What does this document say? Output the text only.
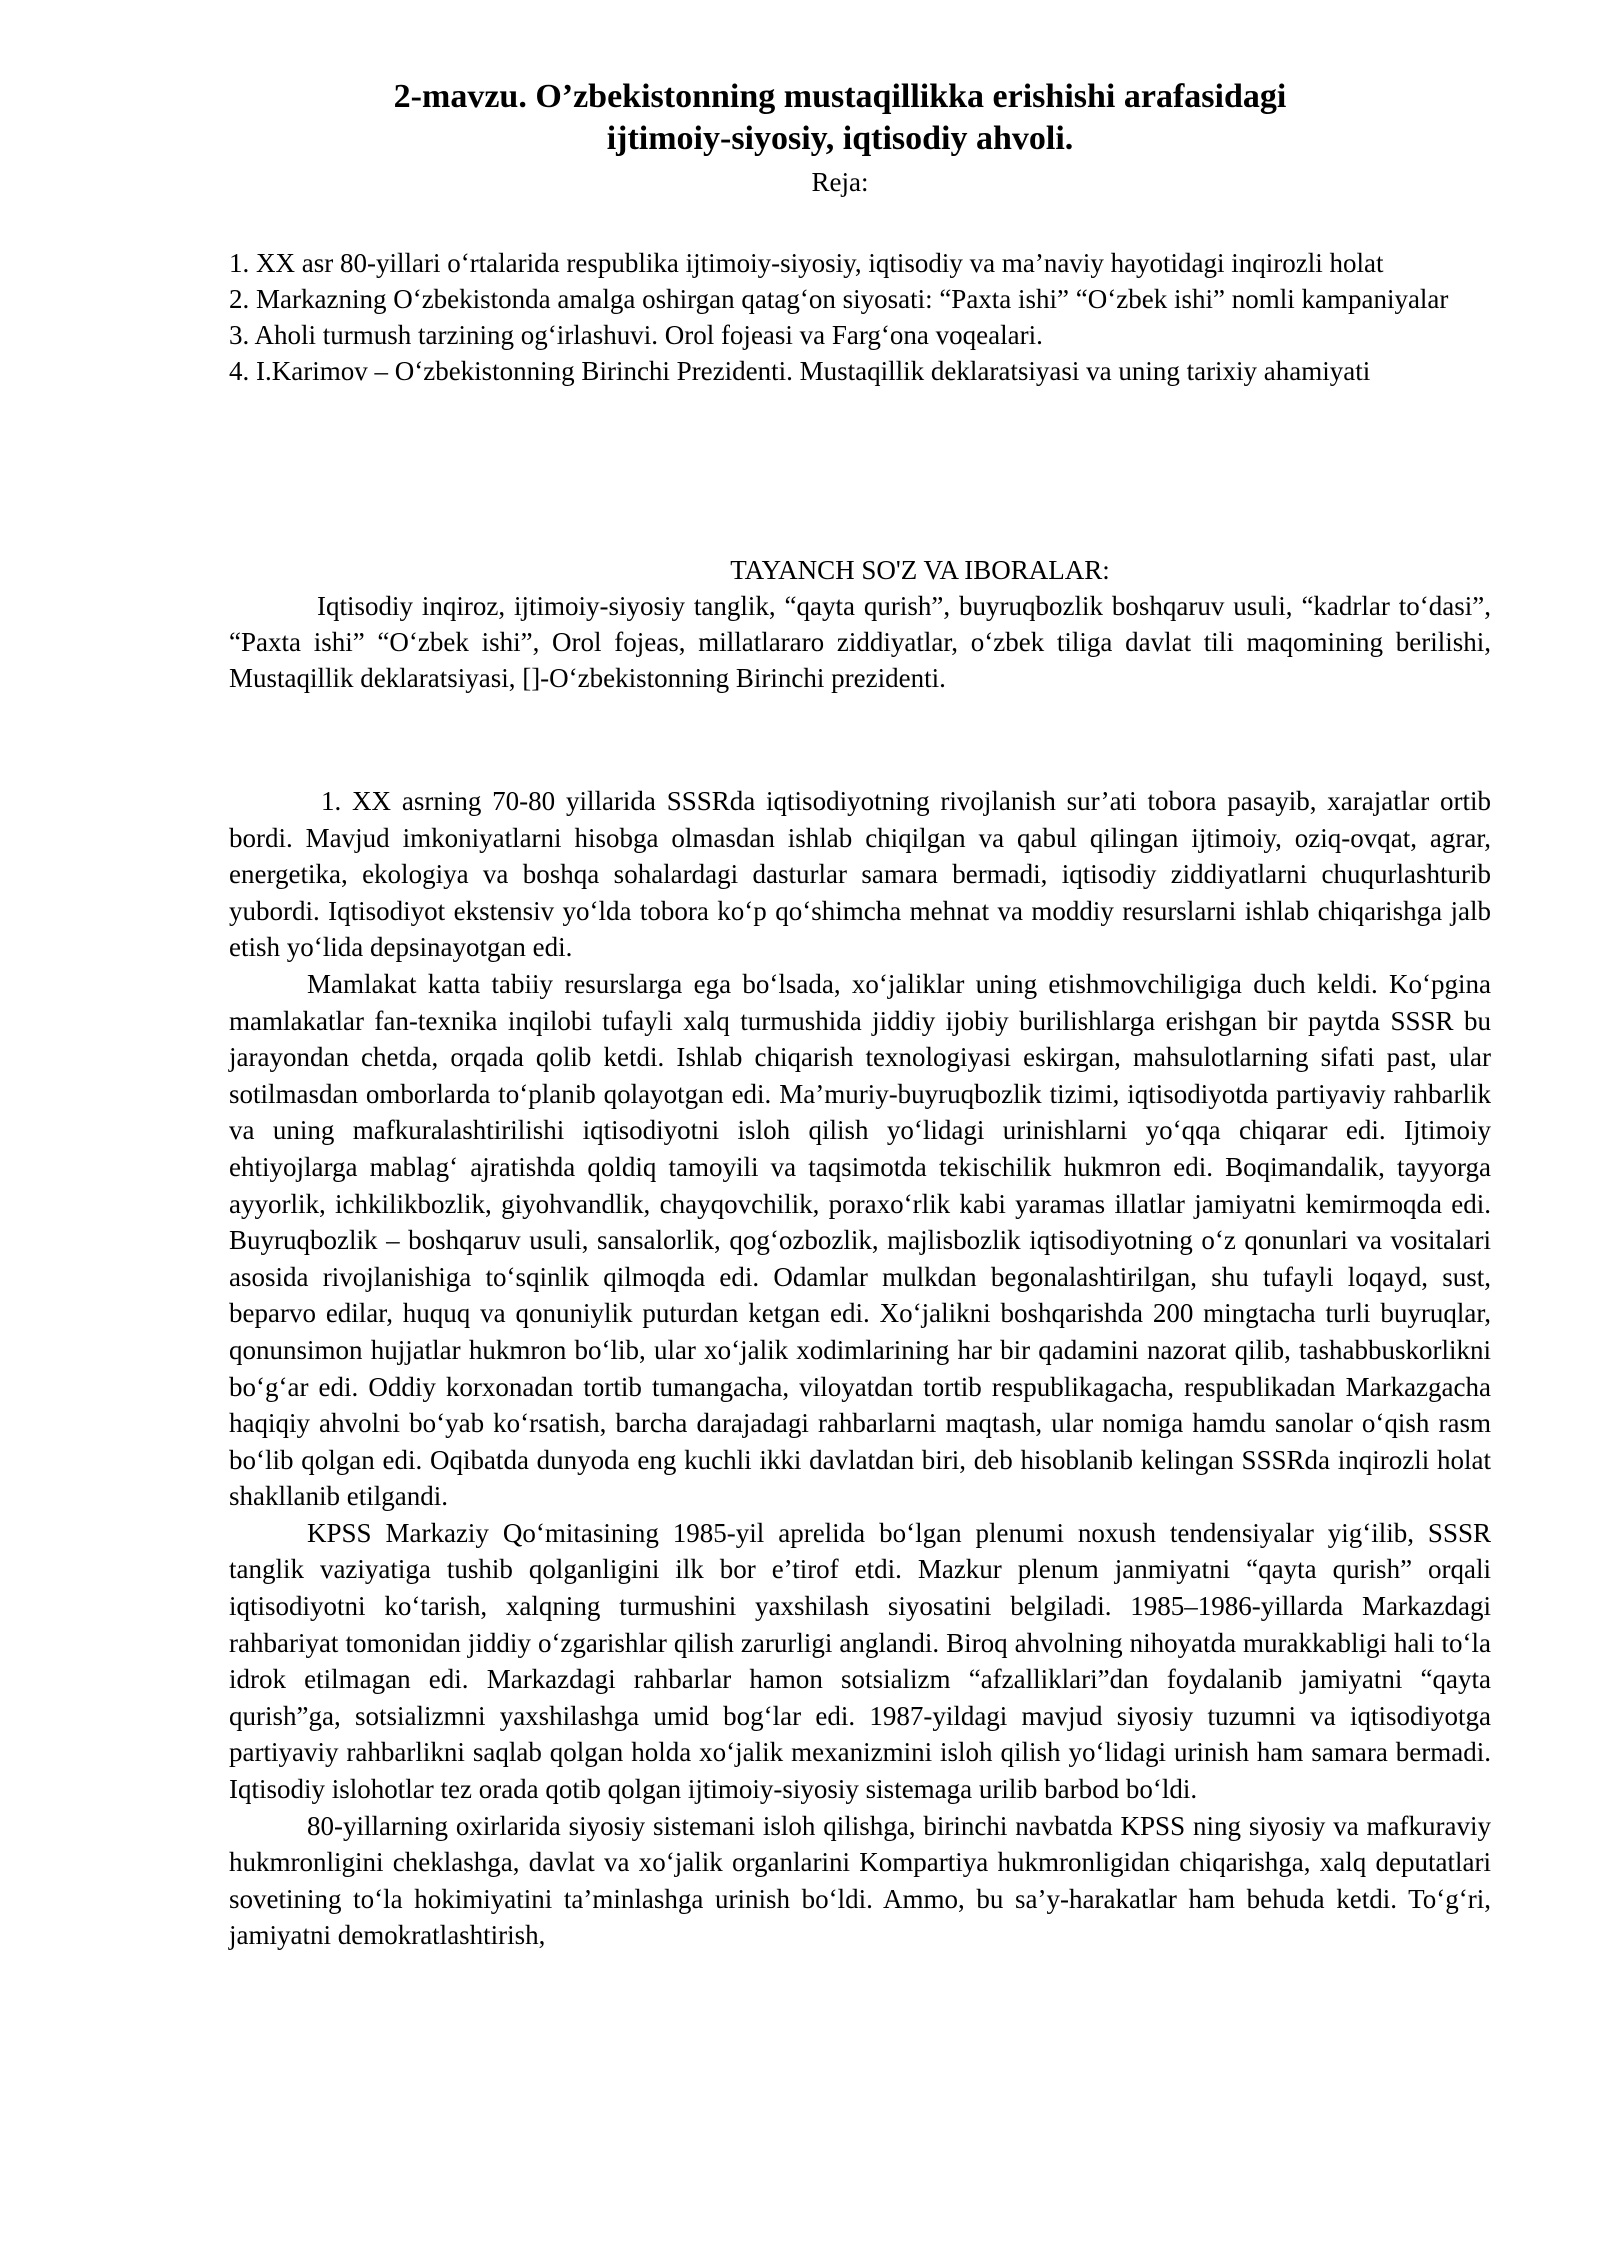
2-mavzu. O’zbekistonning mustaqillikka erishishi arafasidagi
ijtimoiy-siyosiy, iqtisodiy ahvoli.

Reja:

1. XX asr 80-yillari o‘rtalarida respublika ijtimoiy-siyosiy, iqtisodiy va ma’naviy hayotidagi inqirozli holat
2. Markazning O‘zbekistonda amalga oshirgan qatag‘on siyosati: “Paxta ishi” “O‘zbek ishi” nomli kampaniyalar
3. Aholi turmush tarzining og‘irlashuvi. Orol fojeasi va Farg‘ona voqealari.
4. I.Karimov – O‘zbekistonning Birinchi Prezidenti. Mustaqillik deklaratsiyasi va uning tarixiy ahamiyati

TAYANCH SO'Z VA IBORALAR:

Iqtisodiy inqiroz, ijtimoiy-siyosiy tanglik, “qayta qurish”, buyruqbozlik boshqaruv usuli, “kadrlar to‘dasi”, “Paxta ishi” “O‘zbek ishi”, Orol fojeas, millatlararo ziddiyatlar, o‘zbek tiliga davlat tili maqomining berilishi, Mustaqillik deklaratsiyasi, []-O‘zbekistonning Birinchi prezidenti.

1. XX asrning 70-80 yillarida SSSRda iqtisodiyotning rivojlanish sur’ati tobora pasayib, xarajatlar ortib bordi. Mavjud imkoniyatlarni hisobga olmasdan ishlab chiqilgan va qabul qilingan ijtimoiy, oziq-ovqat, agrar, energetika, ekologiya va boshqa sohalardagi dasturlar samara bermadi, iqtisodiy ziddiyatlarni chuqurlashturib yubordi. Iqtisodiyot ekstensiv yo‘lda tobora ko‘p qo‘shimcha mehnat va moddiy resurslarni ishlab chiqarishga jalb etish yo‘lida depsinayotgan edi.

Mamlakat katta tabiiy resurslarga ega bo‘lsada, xo‘jaliklar uning etishmovchiligiga duch keldi. Ko‘pgina mamlakatlar fan-texnika inqilobi tufayli xalq turmushida jiddiy ijobiy burilishlarga erishgan bir paytda SSSR bu jarayondan chetda, orqada qolib ketdi. Ishlab chiqarish texnologiyasi eskirgan, mahsulotlarning sifati past, ular sotilmasdan omborlarda to‘planib qolayotgan edi. Ma’muriy-buyruqbozlik tizimi, iqtisodiyotda partiyaviy rahbarlik va uning mafkuralashtirilishi iqtisodiyotni isloh qilish yo‘lidagi urinishlarni yo‘qqa chiqarar edi. Ijtimoiy ehtiyojlarga mablag‘ ajratishda qoldiq tamoyili va taqsimotda tekischilik hukmron edi. Boqimandalik, tayyorga ayyorlik, ichkilikbozlik, giyohvandlik, chayqovchilik, poraxo‘rlik kabi yaramas illatlar jamiyatni kemirmoqda edi. Buyruqbozlik – boshqaruv usuli, sansalorlik, qog‘ozbozlik, majlisbozlik iqtisodiyotning o‘z qonunlari va vositalari asosida rivojlanishiga to‘sqinlik qilmoqda edi. Odamlar mulkdan begonalashtirilgan, shu tufayli loqayd, sust, beparvo edilar, huquq va qonuniylik puturdan ketgan edi. Xo‘jalikni boshqarishda 200 mingtacha turli buyruqlar, qonunsimon hujjatlar hukmron bo‘lib, ular xo‘jalik xodimlarining har bir qadamini nazorat qilib, tashabbuskorlikni bo‘g‘ar edi. Oddiy korxonadan tortib tumangacha, viloyatdan tortib respublikagacha, respublikadan Markazgacha haqiqiy ahvolni bo‘yab ko‘rsatish, barcha darajadagi rahbarlarni maqtash, ular nomiga hamdu sanolar o‘qish rasm bo‘lib qolgan edi. Oqibatda dunyoda eng kuchli ikki davlatdan biri, deb hisoblanib kelingan SSSRda inqirozli holat shakllanib etilgandi.

KPSS Markaziy Qo‘mitasining 1985-yil aprelida bo‘lgan plenumi noxush tendensiyalar yig‘ilib, SSSR tanglik vaziyatiga tushib qolganligini ilk bor e’tirof etdi. Mazkur plenum janmiyatni “qayta qurish” orqali iqtisodiyotni ko‘tarish, xalqning turmushini yaxshilash siyosatini belgiladi. 1985–1986-yillarda Markazdagi rahbariyat tomonidan jiddiy o‘zgarishlar qilish zarurligi anglandi. Biroq ahvolning nihoyatda murakkabligi hali to‘la idrok etilmagan edi. Markazdagi rahbarlar hamon sotsializm “afzalliklari”dan foydalanib jamiyatni “qayta qurish”ga, sotsializmni yaxshilashga umid bog‘lar edi. 1987-yildagi mavjud siyosiy tuzumni va iqtisodiyotga partiyaviy rahbarlikni saqlab qolgan holda xo‘jalik mexanizmini isloh qilish yo‘lidagi urinish ham samara bermadi. Iqtisodiy islohotlar tez orada qotib qolgan ijtimoiy-siyosiy sistemaga urilib barbod bo‘ldi.

80-yillarning oxirlarida siyosiy sistemani isloh qilishga, birinchi navbatda KPSS ning siyosiy va mafkuraviy hukmronligini cheklashga, davlat va xo‘jalik organlarini Kompartiya hukmronligidan chiqarishga, xalq deputatlari sovetining to‘la hokimiyatini ta’minlashga urinish bo‘ldi. Ammo, bu sa’y-harakatlar ham behuda ketdi. To‘g‘ri, jamiyatni demokratlashtirish,
